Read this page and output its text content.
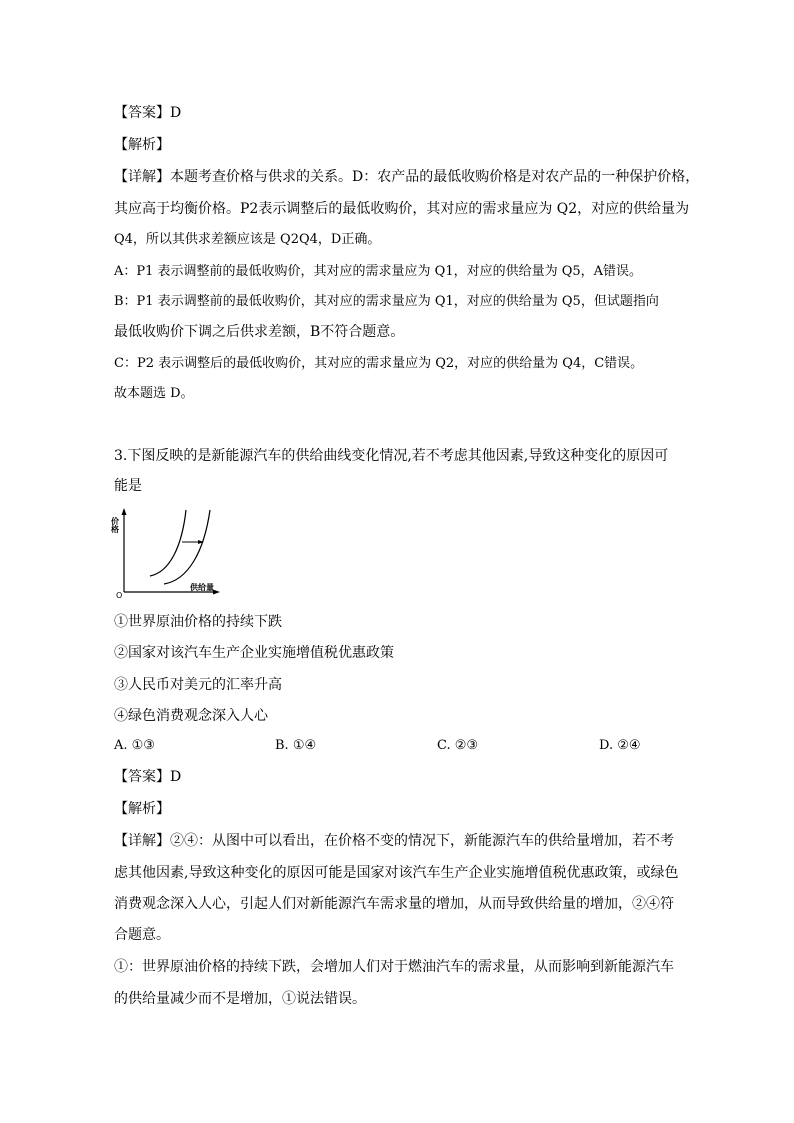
【答案】D
【解析】
【详解】本题考查价格与供求的关系。D：农产品的最低收购价格是对农产品的一种保护价格，
其应高于均衡价格。P2表示调整后的最低收购价，其对应的需求量应为 Q2，对应的供给量为
Q4，所以其供求差额应该是 Q2Q4，D正确。
A：P1 表示调整前的最低收购价，其对应的需求量应为 Q1，对应的供给量为 Q5，A错误。
B：P1 表示调整前的最低收购价，其对应的需求量应为 Q1，对应的供给量为 Q5，但试题指向
最低收购价下调之后供求差额，B不符合题意。
C：P2 表示调整后的最低收购价，其对应的需求量应为 Q2，对应的供给量为 Q4，C错误。
故本题选 D。
3.下图反映的是新能源汽车的供给曲线变化情况,若不考虑其他因素,导致这种变化的原因可
能是
价格
O
供给量
①世界原油价格的持续下跌
②国家对该汽车生产企业实施增值税优惠政策
③人民币对美元的汇率升高
④绿色消费观念深入人心
A. ①③	B. ①④	C. ②③	D. ②④
【答案】D
【解析】
【详解】②④：从图中可以看出，在价格不变的情况下，新能源汽车的供给量增加，若不考
虑其他因素,导致这种变化的原因可能是国家对该汽车生产企业实施增值税优惠政策，或绿色
消费观念深入人心，引起人们对新能源汽车需求量的增加，从而导致供给量的增加，②④符
合题意。
①：世界原油价格的持续下跌，会增加人们对于燃油汽车的需求量，从而影响到新能源汽车
的供给量减少而不是增加，①说法错误。
